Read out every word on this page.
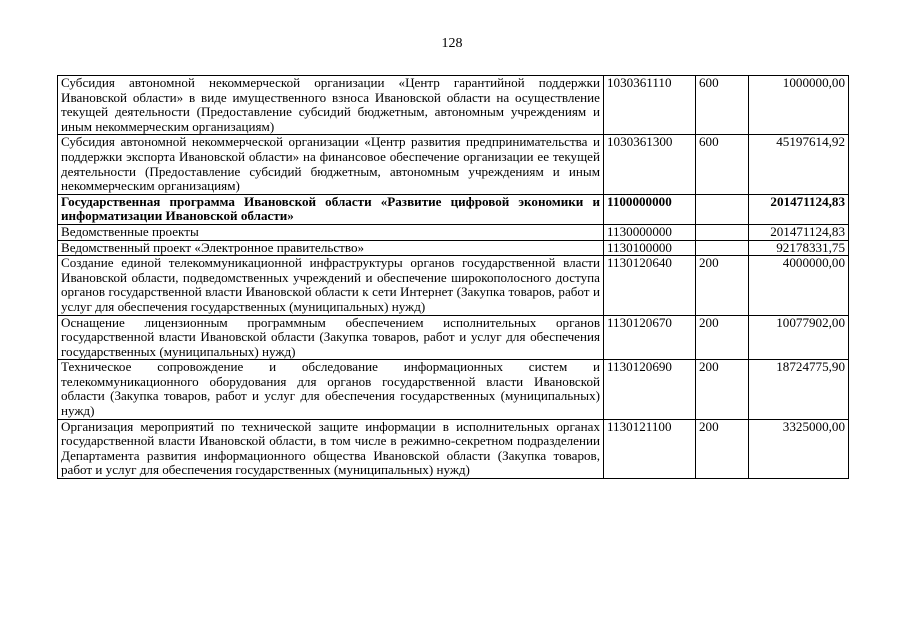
128
Субсидия автономной некоммерческой организации «Центр гарантийной поддержки Ивановской области» в виде имущественного взноса Ивановской области на осуществление текущей деятельности (Предоставление субсидий бюджетным, автономным учреждениям и иным некоммерческим организациям)	1030361110	600	1000000,00
Субсидия автономной некоммерческой организации «Центр развития предпринимательства и поддержки экспорта Ивановской области» на финансовое обеспечение организации ее текущей деятельности (Предоставление субсидий бюджетным, автономным учреждениям и иным некоммерческим организациям)	1030361300	600	45197614,92
Государственная программа Ивановской области «Развитие цифровой экономики и информатизации Ивановской области»	1100000000		201471124,83
Ведомственные проекты	1130000000		201471124,83
Ведомственный проект «Электронное правительство»	1130100000		92178331,75
Создание единой телекоммуникационной инфраструктуры органов государственной власти Ивановской области, подведомственных учреждений и обеспечение широкополосного доступа органов государственной власти Ивановской области к сети Интернет (Закупка товаров, работ и услуг для обеспечения государственных (муниципальных) нужд)	1130120640	200	4000000,00
Оснащение лицензионным программным обеспечением исполнительных органов государственной власти Ивановской области (Закупка товаров, работ и услуг для обеспечения государственных (муниципальных) нужд)	1130120670	200	10077902,00
Техническое сопровождение и обследование информационных систем и телекоммуникационного оборудования для органов государственной власти Ивановской области (Закупка товаров, работ и услуг для обеспечения государственных (муниципальных) нужд)	1130120690	200	18724775,90
Организация мероприятий по технической защите информации в исполнительных органах государственной власти Ивановской области, в том числе в режимно-секретном подразделении Департамента развития информационного общества Ивановской области (Закупка товаров, работ и услуг для обеспечения государственных (муниципальных) нужд)	1130121100	200	3325000,00
